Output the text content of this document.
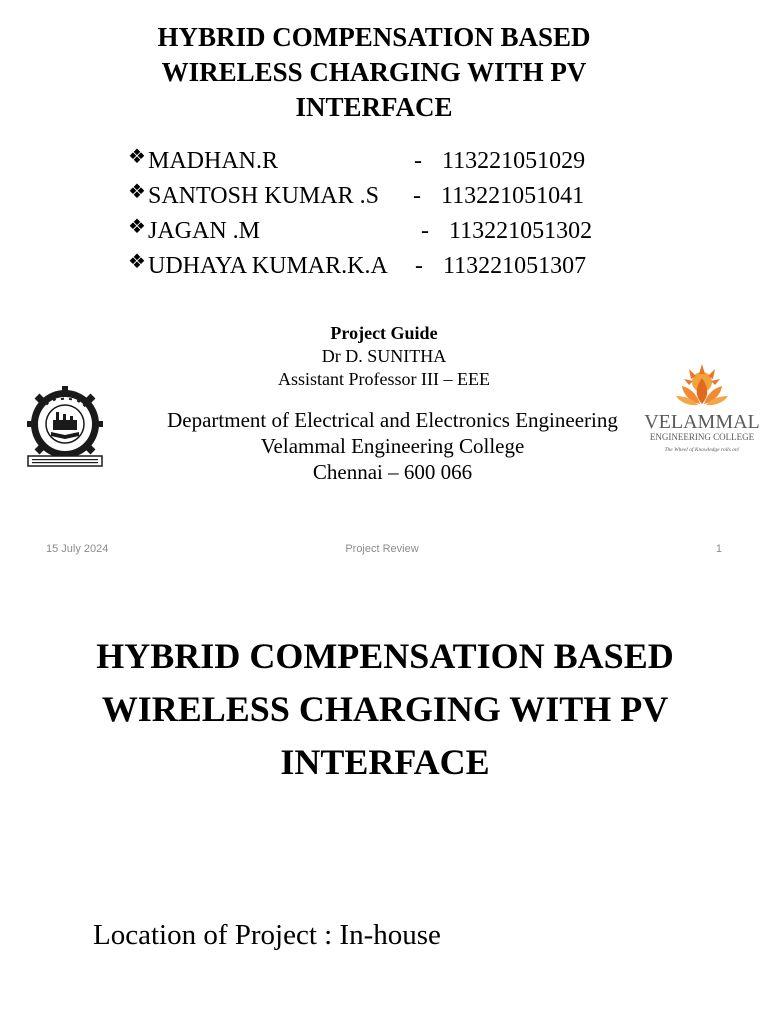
HYBRID COMPENSATION BASED
WIRELESS CHARGING WITH PV
INTERFACE
❖ MADHAN.R	- 113221051029
❖ SANTOSH KUMAR .S - 113221051041
❖ JAGAN .M	- 113221051302
❖ UDHAYA KUMAR.K.A - 113221051307
Project Guide
Dr D. SUNITHA
Assistant Professor III – EEE
Department of Electrical and Electronics Engineering
Velammal Engineering College
Chennai – 600 066
VELAMMAL
ENGINEERING COLLEGE
The Wheel of Knowledge rolls on!
15 July 2024	Project Review	1
HYBRID COMPENSATION BASED
WIRELESS CHARGING WITH PV
INTERFACE
Location of Project : In-house
